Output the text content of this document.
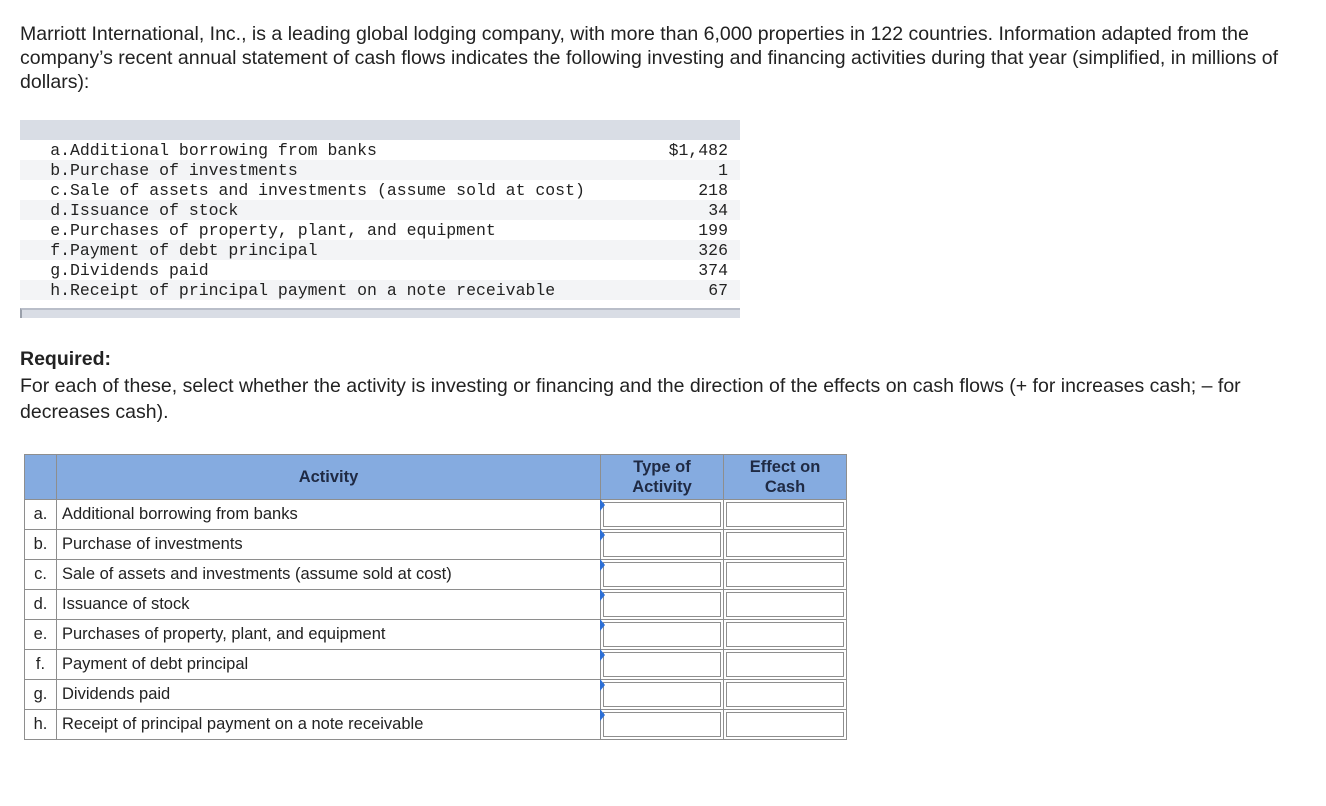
Marriott International, Inc., is a leading global lodging company, with more than 6,000 properties in 122 countries. Information adapted from the company’s recent annual statement of cash flows indicates the following investing and financing activities during that year (simplified, in millions of dollars):

a. Additional borrowing from banks	$1,482
b. Purchase of investments	1
c. Sale of assets and investments (assume sold at cost)	218
d. Issuance of stock	34
e. Purchases of property, plant, and equipment	199
f. Payment of debt principal	326
g. Dividends paid	374
h. Receipt of principal payment on a note receivable	67

Required:

For each of these, select whether the activity is investing or financing and the direction of the effects on cash flows (+ for increases cash; – for decreases cash).

	Activity	Type of Activity	Effect on Cash
a.	Additional borrowing from banks	

b.	Purchase of investments	

c.	Sale of assets and investments (assume sold at cost)	

d.	Issuance of stock	

e.	Purchases of property, plant, and equipment	

f.	Payment of debt principal	

g.	Dividends paid	

h.	Receipt of principal payment on a note receivable	
